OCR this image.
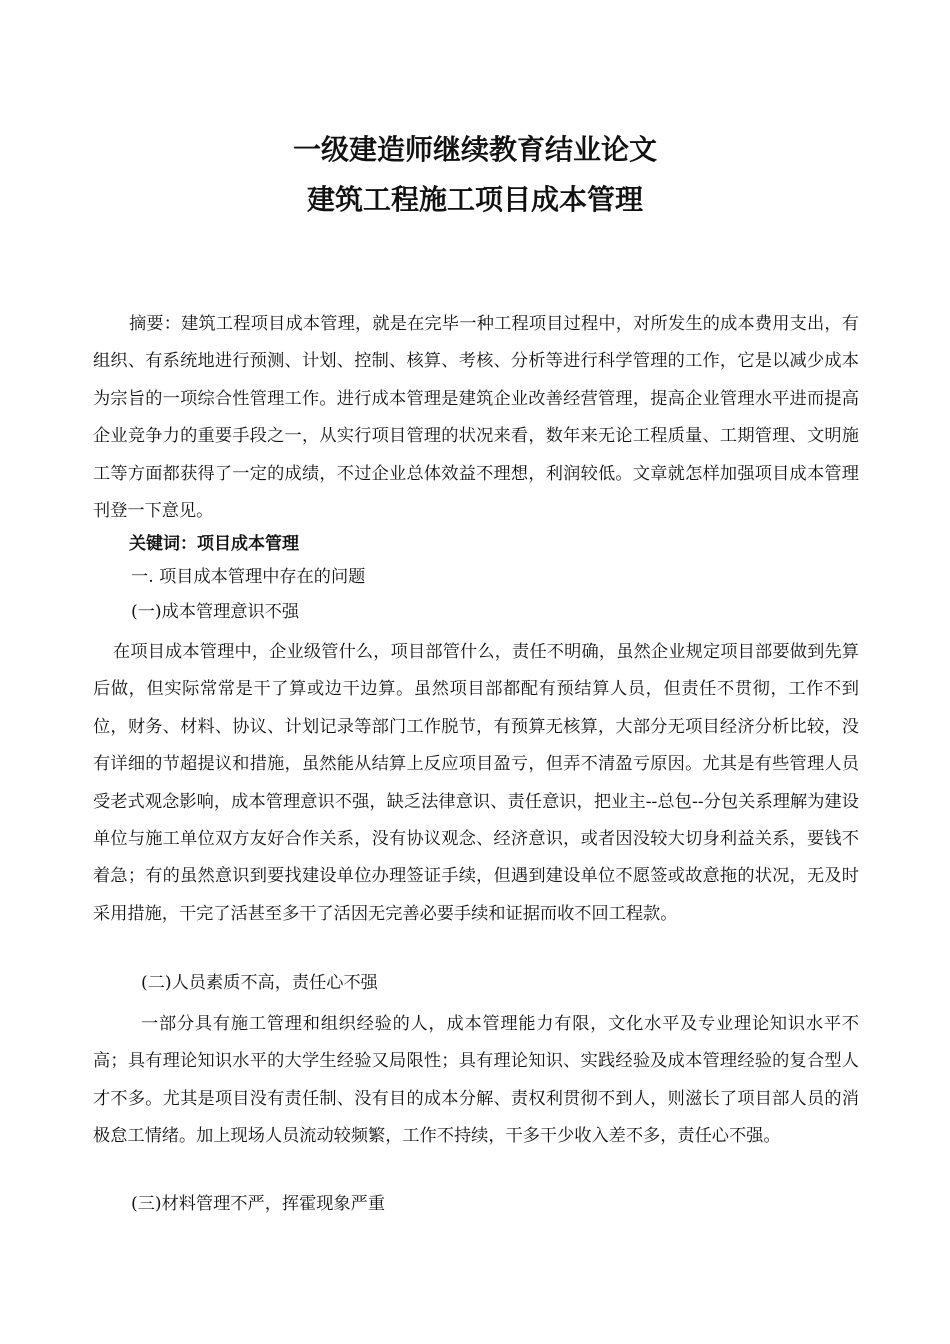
一级建造师继续教育结业论文
建筑工程施工项目成本管理

摘要：建筑工程项目成本管理，就是在完毕一种工程项目过程中，对所发生的成本费用支出，有组织、有系统地进行预测、计划、控制、核算、考核、分析等进行科学管理的工作，它是以减少成本为宗旨的一项综合性管理工作。进行成本管理是建筑企业改善经营管理，提高企业管理水平进而提高企业竞争力的重要手段之一，从实行项目管理的状况来看，数年来无论工程质量、工期管理、文明施工等方面都获得了一定的成绩，不过企业总体效益不理想，利润较低。文章就怎样加强项目成本管理刊登一下意见。

关键词：项目成本管理
一. 项目成本管理中存在的问题
(一)成本管理意识不强

在项目成本管理中，企业级管什么，项目部管什么，责任不明确，虽然企业规定项目部要做到先算后做，但实际常常是干了算或边干边算。虽然项目部都配有预结算人员，但责任不贯彻，工作不到位，财务、材料、协议、计划记录等部门工作脱节，有预算无核算，大部分无项目经济分析比较，没有详细的节超提议和措施，虽然能从结算上反应项目盈亏，但弄不清盈亏原因。尤其是有些管理人员受老式观念影响，成本管理意识不强，缺乏法律意识、责任意识，把业主--总包--分包关系理解为建设单位与施工单位双方友好合作关系，没有协议观念、经济意识，或者因没较大切身利益关系，要钱不着急；有的虽然意识到要找建设单位办理签证手续，但遇到建设单位不愿签或故意拖的状况，无及时采用措施，干完了活甚至多干了活因无完善必要手续和证据而收不回工程款。

(二)人员素质不高，责任心不强

一部分具有施工管理和组织经验的人，成本管理能力有限，文化水平及专业理论知识水平不高；具有理论知识水平的大学生经验又局限性；具有理论知识、实践经验及成本管理经验的复合型人才不多。尤其是项目没有责任制、没有目的成本分解、责权利贯彻不到人，则滋长了项目部人员的消极怠工情绪。加上现场人员流动较频繁，工作不持续，干多干少收入差不多，责任心不强。

(三)材料管理不严，挥霍现象严重
